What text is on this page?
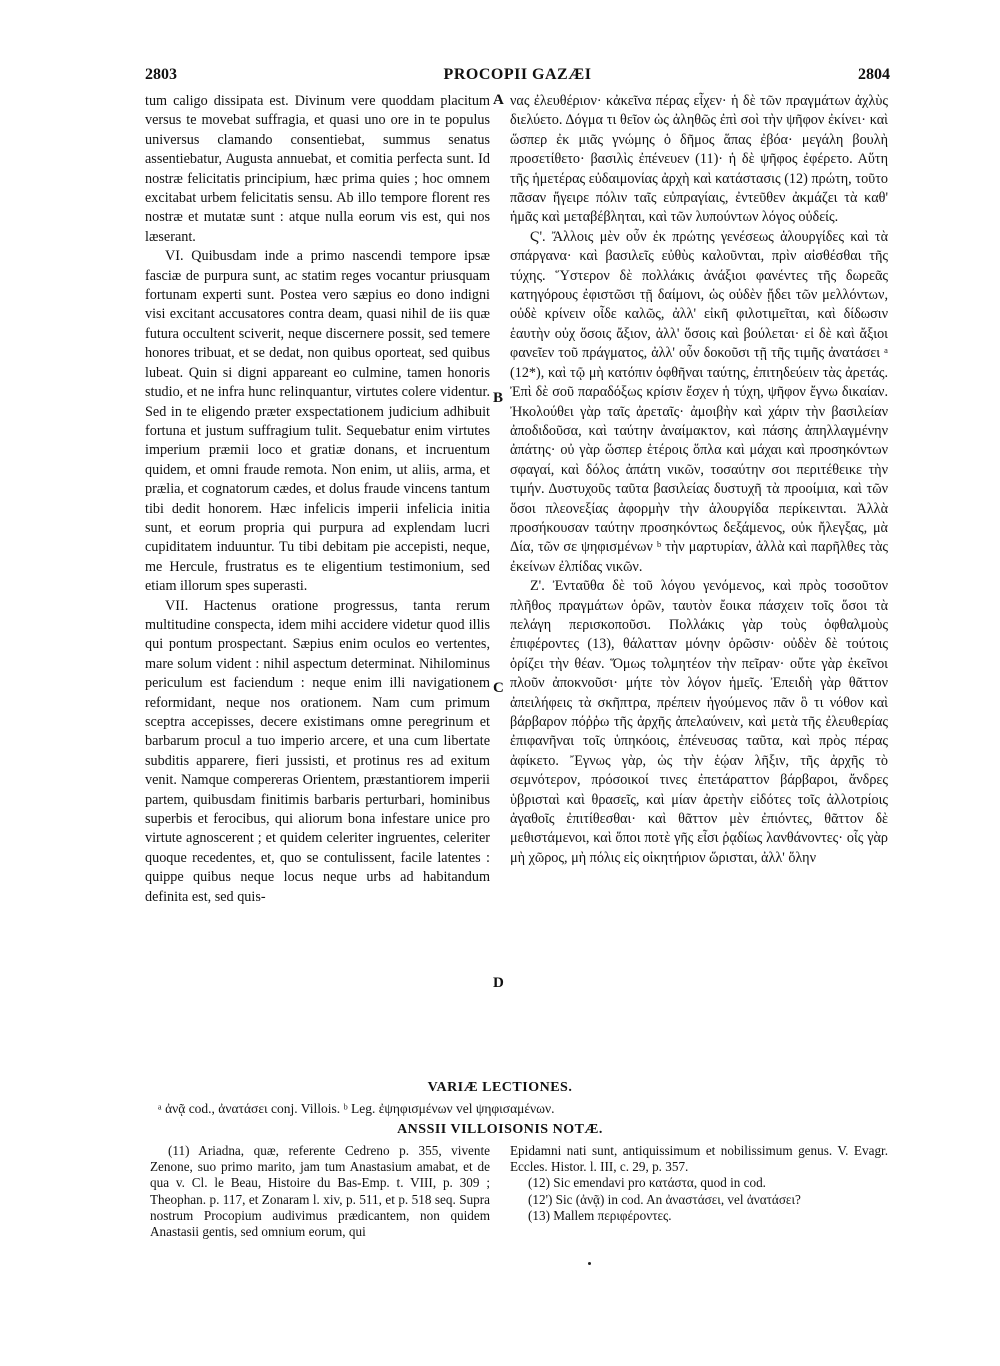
2803	PROCOPII GAZÆI	2804

tum caligo dissipata est. Divinum vere quoddam placitum versus te movebat suffragia, et quasi uno ore in te populus universus clamando consentiebat, summus senatus assentiebatur, Augusta annuebat, et comitia perfecta sunt. Id nostræ felicitatis principium, hæc prima quies ; hoc omnem excitabat urbem felicitatis sensu. Ab illo tempore florent res nostræ et mutatæ sunt : atque nulla eorum vis est, qui nos læserant.

VI. Quibusdam inde a primo nascendi tempore ipsæ fasciæ de purpura sunt, ac statim reges vocantur priusquam fortunam experti sunt. Postea vero sæpius eo dono indigni visi excitant accusatores contra deam, quasi nihil de iis quæ futura occultent sciverit, neque discernere possit, sed temere honores tribuat, et se dedat, non quibus oporteat, sed quibus lubeat. Quin si digni appareant eo culmine, tamen honoris studio, et ne infra hunc relinquantur, virtutes colere videntur. Sed in te eligendo præter exspectationem judicium adhibuit fortuna et justum suffragium tulit. Sequebatur enim virtutes imperium præmii loco et gratiæ donans, et incruentum quidem, et omni fraude remota. Non enim, ut aliis, arma, et prælia, et cognatorum cædes, et dolus fraude vincens tantum tibi dedit honorem. Hæc infelicis imperii infelicia initia sunt, et eorum propria qui purpura ad explendam lucri cupiditatem induuntur. Tu tibi debitam pie accepisti, neque, me Hercule, frustratus es te eligentium testimonium, sed etiam illorum spes superasti.

VII. Hactenus oratione progressus, tanta rerum multitudine conspecta, idem mihi accidere videtur quod illis qui pontum prospectant. Sæpius enim oculos eo vertentes, mare solum vident : nihil aspectum determinat. Nihilominus periculum est faciendum : neque enim illi navigationem reformidant, neque nos orationem. Nam cum primum sceptra accepisses, decere existimans omne peregrinum et barbarum procul a tuo imperio arcere, et una cum libertate subditis apparere, fieri jussisti, et protinus res ad exitum venit. Namque compereras Orientem, præstantiorem imperii partem, quibusdam finitimis barbaris perturbari, hominibus superbis et ferocibus, qui aliorum bona infestare unice pro virtute agnoscerent ; et quidem celeriter ingruentes, celeriter quoque recedentes, et, quo se contulissent, facile latentes : quippe quibus neque locus neque urbs ad habitandum definita est, sed quis-

A
B
C
D

νας ἐλευθέριον· κἀκεῖνα πέρας εἶχεν· ἡ δὲ τῶν πραγμάτων ἀχλὺς διελύετο. Δόγμα τι θεῖον ὡς ἀληθῶς ἐπὶ σοὶ τὴν ψῆφον ἐκίνει· καὶ ὥσπερ ἐκ μιᾶς γνώμης ὁ δῆμος ἅπας ἐβόα· μεγάλη βουλὴ προσετίθετο· βασιλὶς ἐπένευεν (11)· ἡ δὲ ψῆφος ἐφέρετο. Αὕτη τῆς ἡμετέρας εὐδαιμονίας ἀρχὴ καὶ κατάστασις (12) πρώτη, τοῦτο πᾶσαν ἤγειρε πόλιν ταῖς εὐπραγίαις, ἐντεῦθεν ἀκμάζει τὰ καθ' ἡμᾶς καὶ μεταβέβληται, καὶ τῶν λυπούντων λόγος οὐδείς.

Ϛ'. Ἄλλοις μὲν οὖν ἐκ πρώτης γενέσεως ἁλουργίδες καὶ τὰ σπάργανα· καὶ βασιλεῖς εὐθὺς καλοῦνται, πρὶν αἰσθέσθαι τῆς τύχης. Ὕστερον δὲ πολλάκις ἀνάξιοι φανέντες τῆς δωρεᾶς κατηγόρους ἐφιστῶσι τῇ δαίμονι, ὡς οὐδὲν ᾔδει τῶν μελλόντων, οὐδὲ κρίνειν οἶδε καλῶς, ἀλλ' εἰκῆ φιλοτιμεῖται, καὶ δίδωσιν ἑαυτὴν οὐχ ὅσοις ἄξιον, ἀλλ' ὅσοις καὶ βούλεται· εἰ δὲ καὶ ἄξιοι φανεῖεν τοῦ πράγματος, ἀλλ' οὖν δοκοῦσι τῇ τῆς τιμῆς ἀνατάσει ᵃ (12*), καὶ τῷ μὴ κατόπιν ὀφθῆναι ταύτης, ἐπιτηδεύειν τὰς ἀρετάς. Ἐπὶ δὲ σοῦ παραδόξως κρίσιν ἔσχεν ἡ τύχη, ψῆφον ἔγνω δικαίαν. Ἠκολούθει γὰρ ταῖς ἀρεταῖς· ἀμοιβὴν καὶ χάριν τὴν βασιλείαν ἀποδιδοῦσα, καὶ ταύτην ἀναίμακτον, καὶ πάσης ἀπηλλαγμένην ἀπάτης· οὐ γὰρ ὥσπερ ἑτέροις ὅπλα καὶ μάχαι καὶ προσηκόντων σφαγαί, καὶ δόλος ἀπάτη νικῶν, τοσαύτην σοι περιτέθεικε τὴν τιμήν. Δυστυχοῦς ταῦτα βασιλείας δυστυχῆ τὰ προοίμια, καὶ τῶν ὅσοι πλεονεξίας ἀφορμὴν τὴν ἁλουργίδα περίκεινται. Ἀλλὰ προσήκουσαν ταύτην προσηκόντως δεξάμενος, οὐκ ἤλεγξας, μὰ Δία, τῶν σε ψηφισμένων ᵇ τὴν μαρτυρίαν, ἀλλὰ καὶ παρῆλθες τὰς ἐκείνων ἐλπίδας νικῶν.

Ζ'. Ἐνταῦθα δὲ τοῦ λόγου γενόμενος, καὶ πρὸς τοσοῦτον πλῆθος πραγμάτων ὁρῶν, ταυτὸν ἔοικα πάσχειν τοῖς ὅσοι τὰ πελάγη περισκοποῦσι. Πολλάκις γὰρ τοὺς ὀφθαλμοὺς ἐπιφέροντες (13), θάλατταν μόνην ὁρῶσιν· οὐδὲν δὲ τούτοις ὁρίζει τὴν θέαν. Ὅμως τολμητέον τὴν πεῖραν· οὔτε γὰρ ἐκεῖνοι πλοῦν ἀποκνοῦσι· μήτε τὸν λόγον ἡμεῖς. Ἐπειδὴ γὰρ θᾶττον ἀπειλήφεις τὰ σκῆπτρα, πρέπειν ἡγούμενος πᾶν ὃ τι νόθον καὶ βάρβαρον πόῤῥω τῆς ἀρχῆς ἀπελαύνειν, καὶ μετὰ τῆς ἐλευθερίας ἐπιφανῆναι τοῖς ὑπηκόοις, ἐπένευσας ταῦτα, καὶ πρὸς πέρας ἀφίκετο. Ἔγνως γὰρ, ὡς τὴν ἑῴαν λῆξιν, τῆς ἀρχῆς τὸ σεμνότερον, πρόσοικοί τινες ἐπετάραττον βάρβαροι, ἄνδρες ὑβρισταὶ καὶ θρασεῖς, καὶ μίαν ἀρετὴν εἰδότες τοῖς ἀλλοτρίοις ἀγαθοῖς ἐπιτίθεσθαι· καὶ θᾶττον μὲν ἐπιόντες, θᾶττον δὲ μεθιστάμενοι, καὶ ὅποι ποτὲ γῆς εἶσι ῥᾳδίως λανθάνοντες· οἷς γὰρ μὴ χῶρος, μὴ πόλις εἰς οἰκητήριον ὥρισται, ἀλλ' ὅλην

VARIÆ LECTIONES.
ᵃ ἀνᾷ cod., ἀνατάσει conj. Villois. ᵇ Leg. ἐψηφισμένων vel ψηφισαμένων.
ANSSII VILLOISONIS NOTÆ.

(11) Ariadna, quæ, referente Cedreno p. 355, vivente Zenone, suo primo marito, jam tum Anastasium amabat, et de qua v. Cl. le Beau, Histoire du Bas-Emp. t. VIII, p. 309 ; Theophan. p. 117, et Zonaram l. xiv, p. 511, et p. 518 seq. Supra nostrum Procopium audivimus prædicantem, non quidem Anastasii gentis, sed omnium eorum, qui

Epidamni nati sunt, antiquissimum et nobilissimum genus. V. Evagr. Eccles. Histor. l. III, c. 29, p. 357.

(12) Sic emendavi pro κατάστα, quod in cod.

(12') Sic (ἀνᾷ) in cod. An ἀναστάσει, vel ἀνατάσει?

(13) Mallem περιφέροντες.
